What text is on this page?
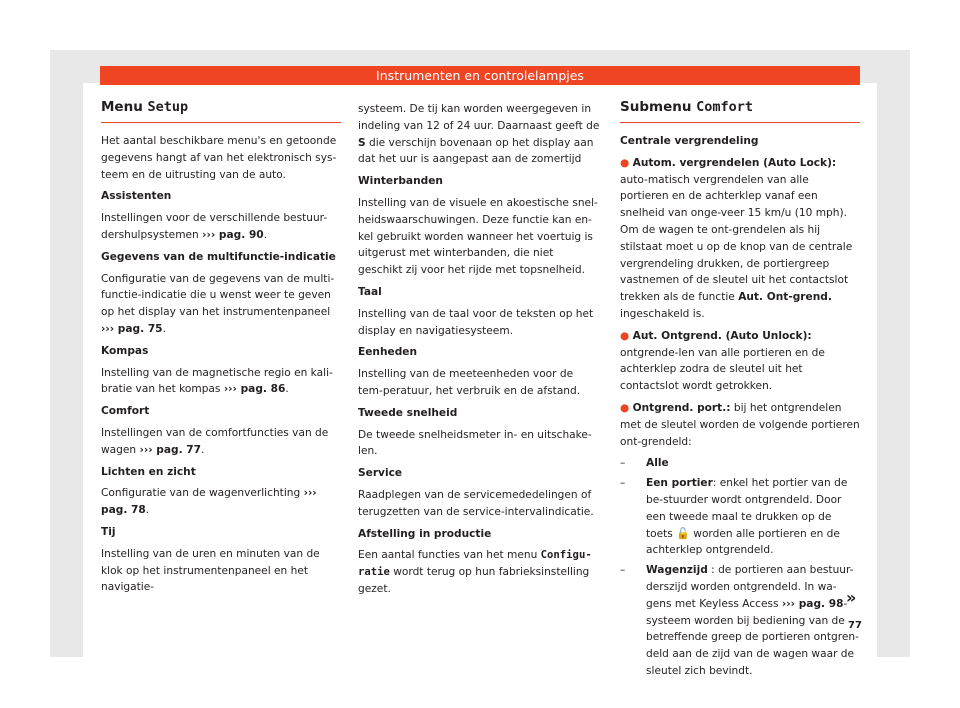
Instrumenten en controlelampjes
Menu Setup

Het aantal beschikbare menu's en getoonde gegevens hangt af van het elektronisch sys-teem en de uitrusting van de auto.

Assistenten

Instellingen voor de verschillende bestuur-dershulpsystemen ››› pag. 90.

Gegevens van de multifunctie-indicatie

Configuratie van de gegevens van de multi-functie-indicatie die u wenst weer te geven op het display van het instrumentenpaneel ››› pag. 75.

Kompas

Instelling van de magnetische regio en kali-bratie van het kompas ››› pag. 86.

Comfort

Instellingen van de comfortfuncties van de wagen ››› pag. 77.

Lichten en zicht

Configuratie van de wagenverlichting ››› pag. 78.

Tij

Instelling van de uren en minuten van de klok op het instrumentenpaneel en het navigatie-

systeem. De tij kan worden weergegeven in indeling van 12 of 24 uur. Daarnaast geeft de S die verschijn bovenaan op het display aan dat het uur is aangepast aan de zomertijd

Winterbanden

Instelling van de visuele en akoestische snel-heidswaarschuwingen. Deze functie kan en-kel gebruikt worden wanneer het voertuig is uitgerust met winterbanden, die niet geschikt zij voor het rijde met topsnelheid.

Taal

Instelling van de taal voor de teksten op het display en navigatiesysteem.

Eenheden

Instelling van de meeteenheden voor de tem-peratuur, het verbruik en de afstand.

Tweede snelheid

De tweede snelheidsmeter in- en uitschake-len.

Service

Raadplegen van de servicemededelingen of terugzetten van de service-intervalindicatie.

Afstelling in productie

Een aantal functies van het menu Configu-ratie wordt terug op hun fabrieksinstelling gezet.

Submenu Comfort

Centrale vergrendeling

● Autom. vergrendelen (Auto Lock): auto-matisch vergrendelen van alle portieren en de achterklep vanaf een snelheid van onge-veer 15 km/u (10 mph). Om de wagen te ont-grendelen als hij stilstaat moet u op de knop van de centrale vergrendeling drukken, de portiergreep vastnemen of de sleutel uit het contactslot trekken als de functie Aut. Ont-grend. ingeschakeld is.

● Aut. Ontgrend. (Auto Unlock): ontgrende-len van alle portieren en de achterklep zodra de sleutel uit het contactslot wordt getrokken.

● Ontgrend. port.: bij het ontgrendelen met de sleutel worden de volgende portieren ont-grendeld:

–	Alle
–	Een portier: enkel het portier van de be-stuurder wordt ontgrendeld. Door een tweede maal te drukken op de toets 🔓 worden alle portieren en de achterklep ontgrendeld.
–	Wagenzijd : de portieren aan bestuur-derszijd worden ontgrendeld. In wa-gens met Keyless Access ››› pag. 98-systeem worden bij bediening van de betreffende greep de portieren ontgren-deld aan de zijd van de wagen waar de sleutel zich bevindt.
»
77
